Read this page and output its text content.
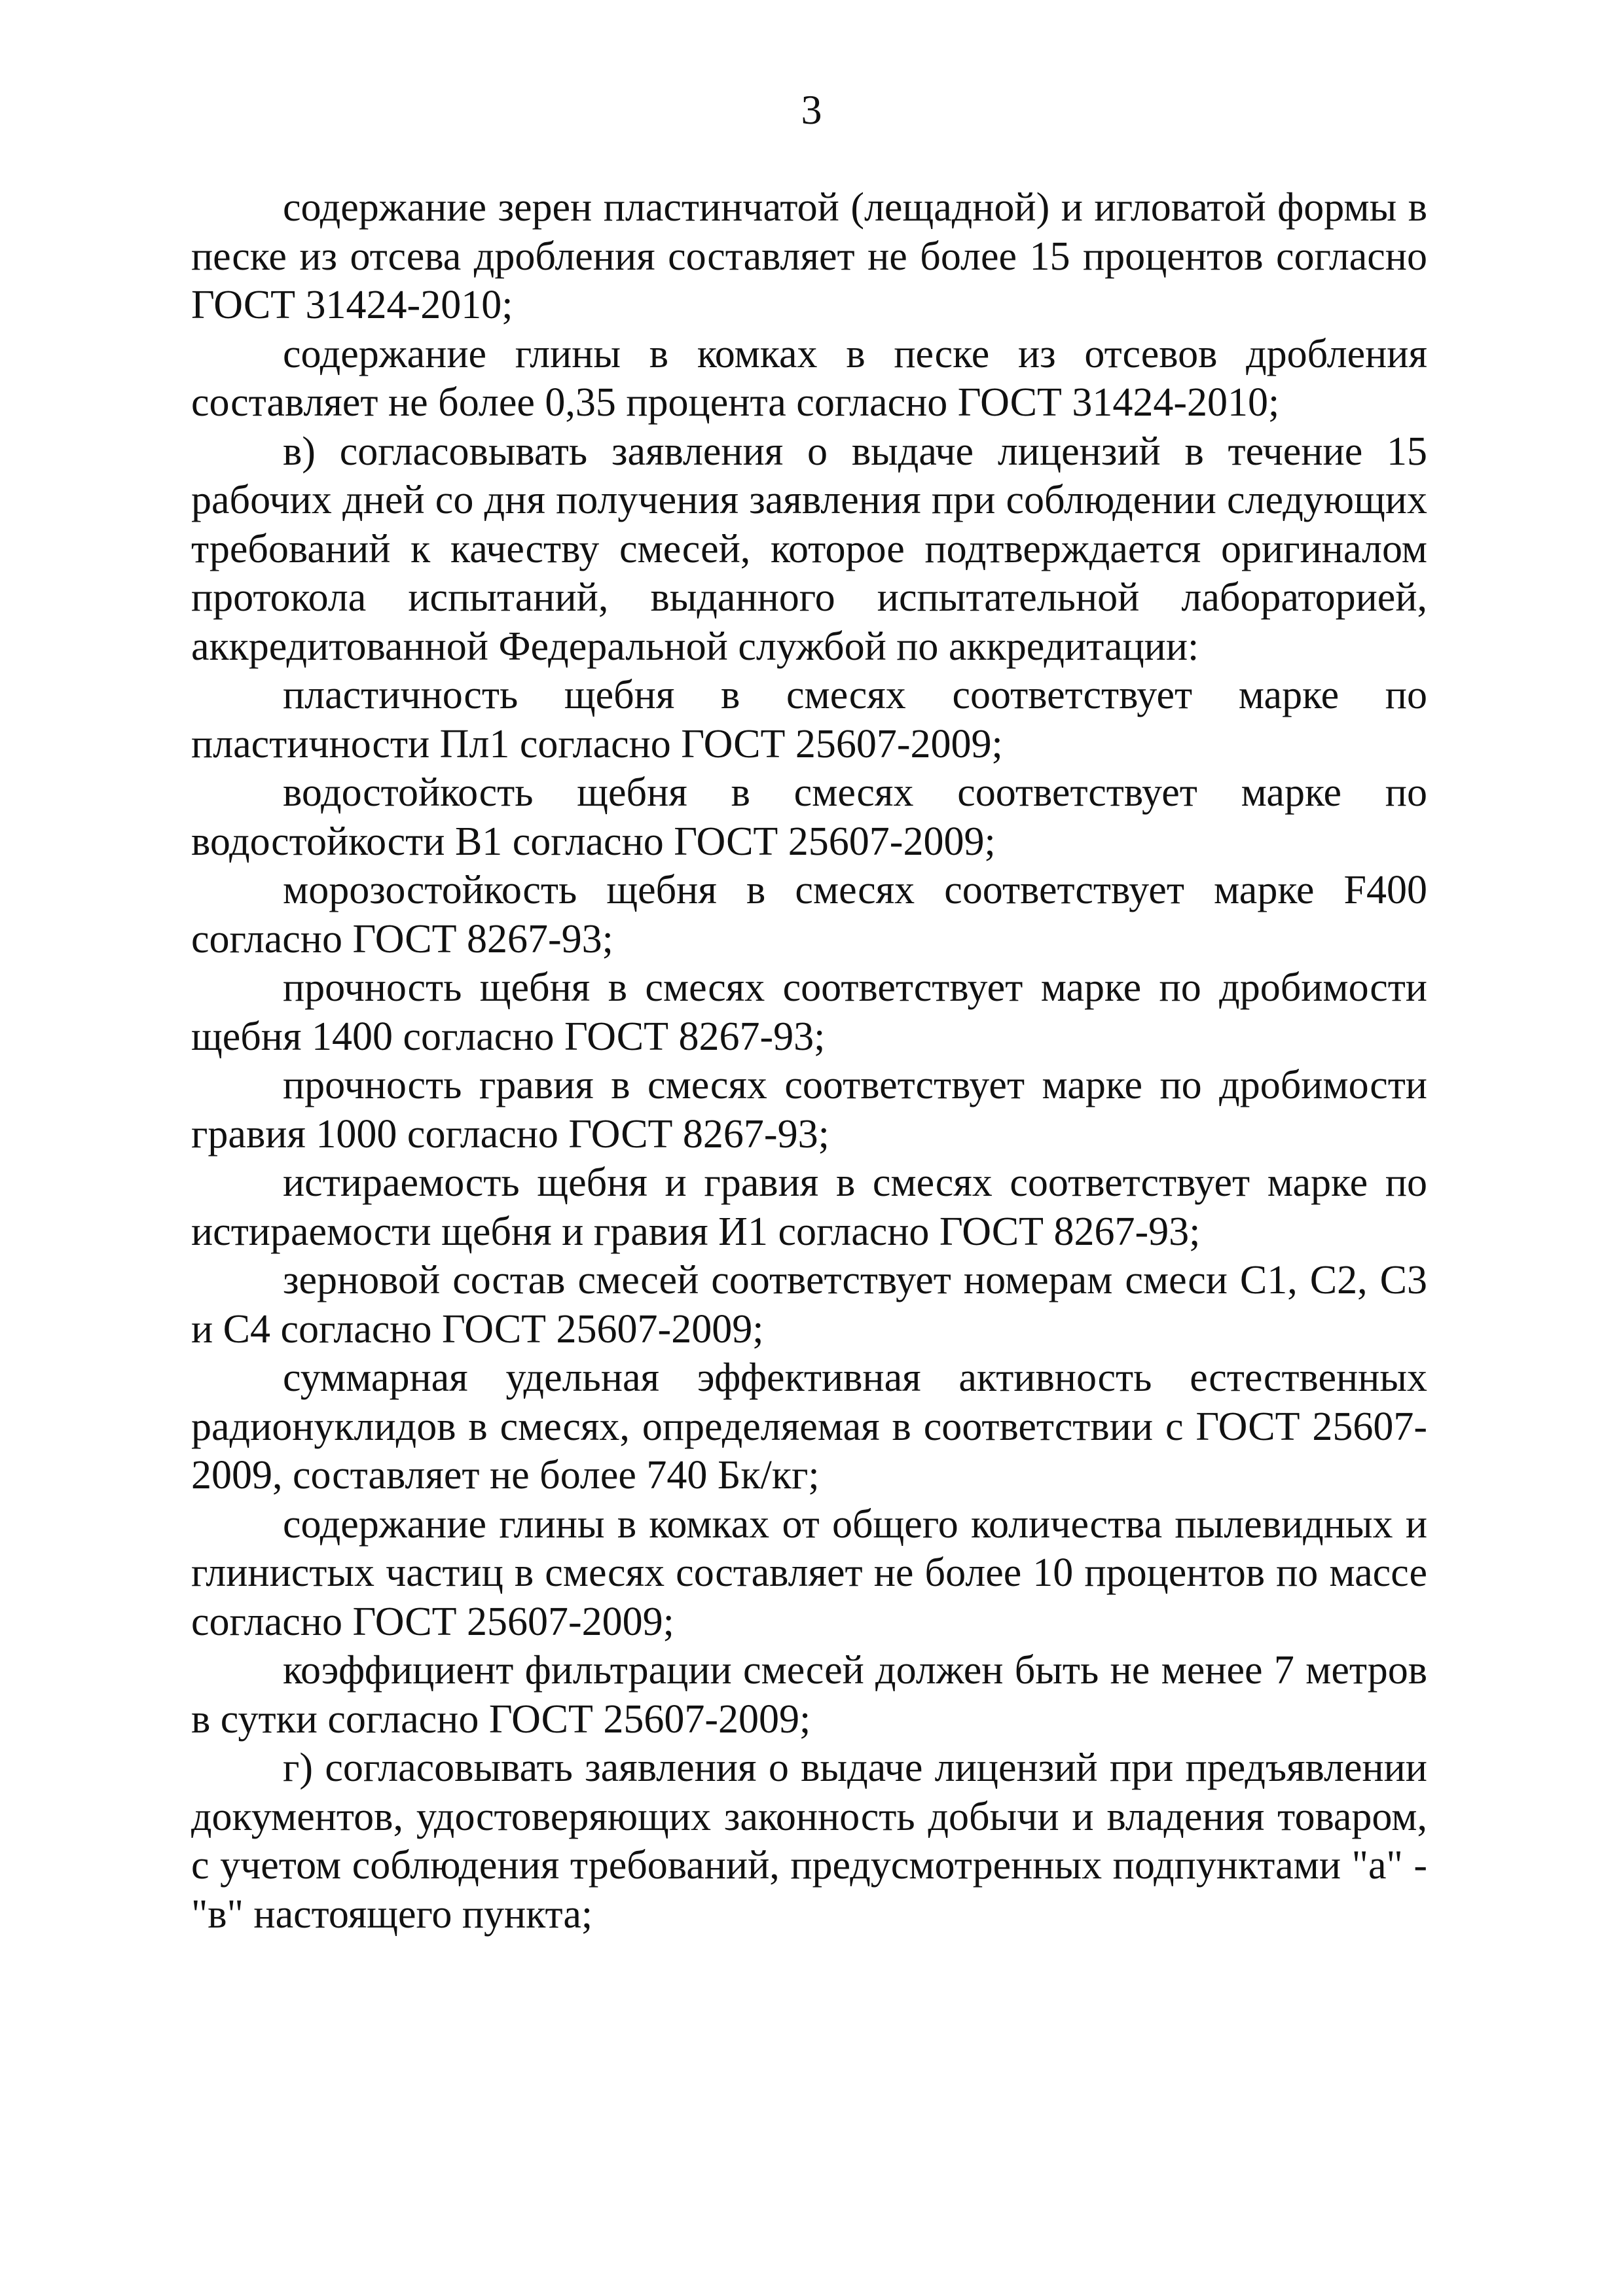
3

содержание зерен пластинчатой (лещадной) и игловатой формы в песке из отсева дробления составляет не более 15 процентов согласно ГОСТ 31424-2010;

содержание глины в комках в песке из отсевов дробления составляет не более 0,35 процента согласно ГОСТ 31424-2010;

в) согласовывать заявления о выдаче лицензий в течение 15 рабочих дней со дня получения заявления при соблюдении следующих требований к качеству смесей, которое подтверждается оригиналом протокола испытаний, выданного испытательной лабораторией, аккредитованной Федеральной службой по аккредитации:

пластичность щебня в смесях соответствует марке по пластичности Пл1 согласно ГОСТ 25607-2009;

водостойкость щебня в смесях соответствует марке по водостойкости В1 согласно ГОСТ 25607-2009;

морозостойкость щебня в смесях соответствует марке F400 согласно ГОСТ 8267-93;

прочность щебня в смесях соответствует марке по дробимости щебня 1400 согласно ГОСТ 8267-93;

прочность гравия в смесях соответствует марке по дробимости гравия 1000 согласно ГОСТ 8267-93;

истираемость щебня и гравия в смесях соответствует марке по истираемости щебня и гравия И1 согласно ГОСТ 8267-93;

зерновой состав смесей соответствует номерам смеси С1, С2, С3 и С4 согласно ГОСТ 25607-2009;

суммарная удельная эффективная активность естественных радионуклидов в смесях, определяемая в соответствии с ГОСТ 25607-2009, составляет не более 740 Бк/кг;

содержание глины в комках от общего количества пылевидных и глинистых частиц в смесях составляет не более 10 процентов по массе согласно ГОСТ 25607-2009;

коэффициент фильтрации смесей должен быть не менее 7 метров в сутки согласно ГОСТ 25607-2009;

г) согласовывать заявления о выдаче лицензий при предъявлении документов, удостоверяющих законность добычи и владения товаром, с учетом соблюдения требований, предусмотренных подпунктами "а" - "в" настоящего пункта;
